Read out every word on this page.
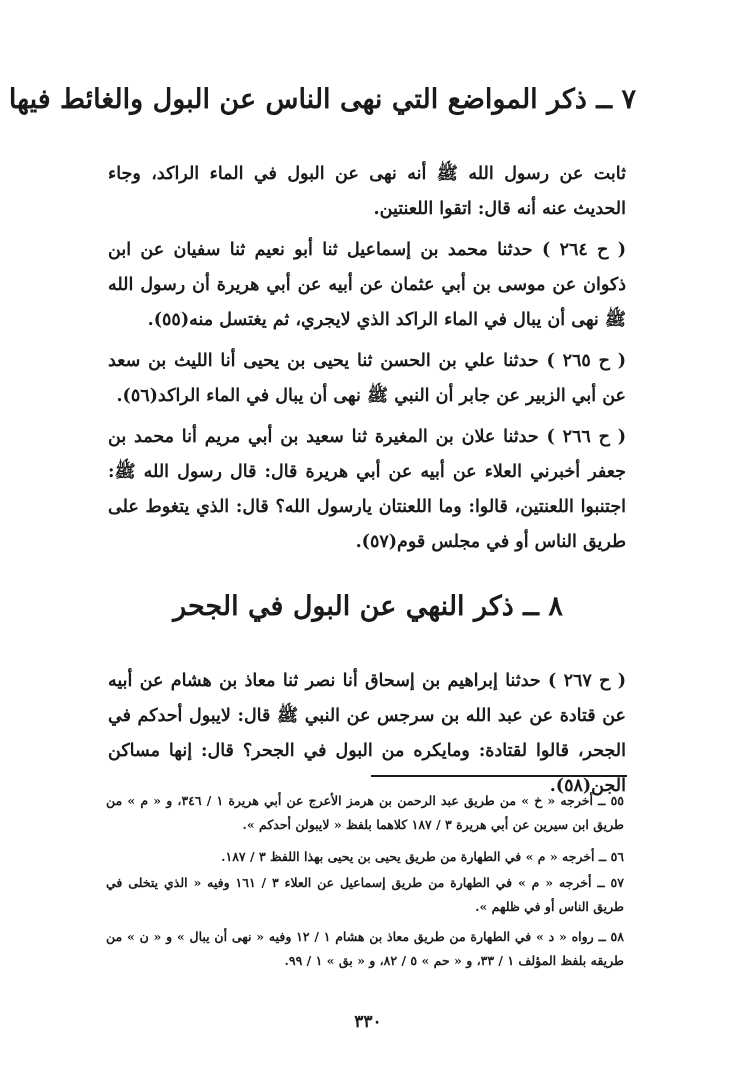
٧ ــ ذكر المواضع التي نهى الناس عن البول والغائط فيها
ثابت عن رسول الله ﷺ أنه نهى عن البول في الماء الراكد، وجاء الحديث عنه أنه قال: اتقوا اللعنتين.
( ح ٢٦٤ ) حدثنا محمد بن إسماعيل ثنا أبو نعيم ثنا سفيان عن ابن ذكوان عن موسى بن أبي عثمان عن أبيه عن أبي هريرة أن رسول الله ﷺ نهى أن يبال في الماء الراكد الذي لايجري، ثم يغتسل منه(٥٥).
( ح ٢٦٥ ) حدثنا علي بن الحسن ثنا يحيى بن يحيى أنا الليث بن سعد عن أبي الزبير عن جابر أن النبي ﷺ نهى أن يبال في الماء الراكد(٥٦).
( ح ٢٦٦ ) حدثنا علان بن المغيرة ثنا سعيد بن أبي مريم أنا محمد بن جعفر أخبرني العلاء عن أبيه عن أبي هريرة قال: قال رسول الله ﷺ: اجتنبوا اللعنتين، قالوا: وما اللعنتان يارسول الله؟ قال: الذي يتغوط على طريق الناس أو في مجلس قوم(٥٧).
٨ ــ ذكر النهي عن البول في الجحر
( ح ٢٦٧ ) حدثنا إبراهيم بن إسحاق أنا نصر ثنا معاذ بن هشام عن أبيه عن قتادة عن عبد الله بن سرجس عن النبي ﷺ قال: لايبول أحدكم في الجحر، قالوا لقتادة: ومايكره من البول في الجحر؟ قال: إنها مساكن الجن(٥٨).
٥٥ ــ أخرجه « خ » من طريق عبد الرحمن بن هرمز الأعرج عن أبي هريرة ١ / ٣٤٦، و « م » من طريق ابن سيرين عن أبي هريرة ٣ / ١٨٧ كلاهما بلفظ « لايبولن أحدكم ».
٥٦ ــ أخرجه « م » في الطهارة من طريق يحيى بن يحيى بهذا اللفظ ٣ / ١٨٧.
٥٧ ــ أخرجه « م » في الطهارة من طريق إسماعيل عن العلاء ٣ / ١٦١ وفيه « الذي يتخلى في طريق الناس أو في ظلهم ».
٥٨ ــ رواه « د » في الطهارة من طريق معاذ بن هشام ١ / ١٢ وفيه « نهى أن يبال » و « ن » من طريقه بلفظ المؤلف ١ / ٣٣، و « حم » ٥ / ٨٢، و « بق » ١ / ٩٩.
٣٣٠
